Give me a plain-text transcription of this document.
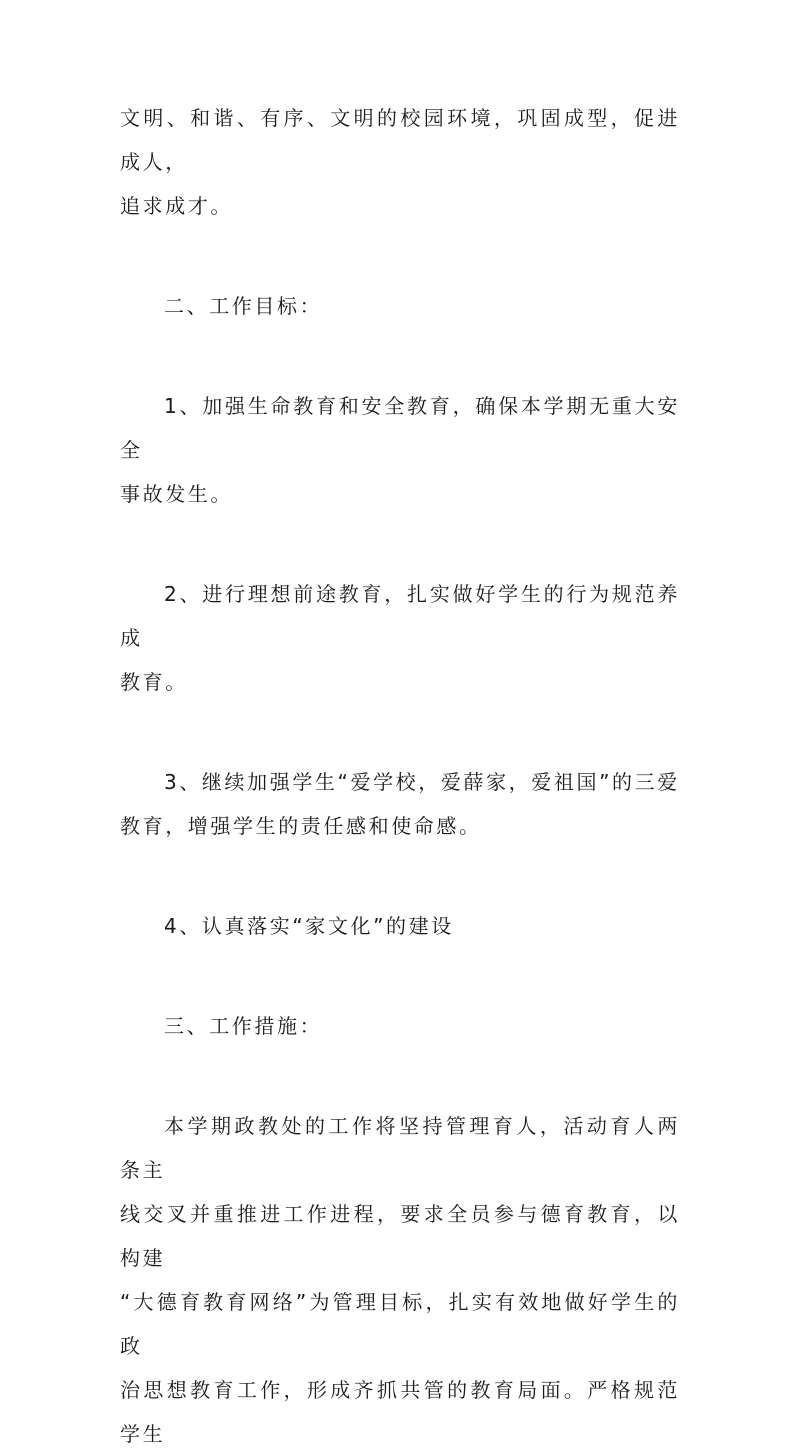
文明、和谐、有序、文明的校园环境，巩固成型，促进成人，

追求成才。

二、工作目标：

1、加强生命教育和安全教育，确保本学期无重大安全

事故发生。

2、进行理想前途教育，扎实做好学生的行为规范养成

教育。

3、继续加强学生“爱学校，爱薛家，爱祖国”的三爱

教育，增强学生的责任感和使命感。

4、认真落实“家文化”的建设

三、工作措施：

本学期政教处的工作将坚持管理育人，活动育人两条主

线交叉并重推进工作进程，要求全员参与德育教育，以构建

“大德育教育网络”为管理目标，扎实有效地做好学生的政

治思想教育工作，形成齐抓共管的教育局面。严格规范学生
